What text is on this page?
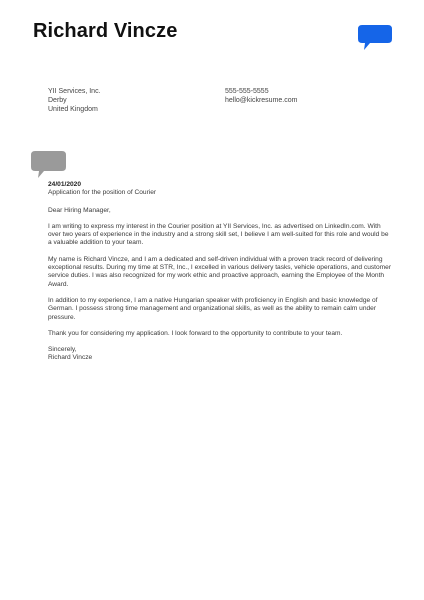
Richard Vincze
YII Services, Inc.
Derby
United Kingdom
555-555-5555
hello@kickresume.com
24/01/2020
Application for the position of Courier
Dear Hiring Manager,

I am writing to express my interest in the Courier position at YII Services, Inc. as advertised on LinkedIn.com. With over two years of experience in the industry and a strong skill set, I believe I am well-suited for this role and would be a valuable addition to your team.

My name is Richard Vincze, and I am a dedicated and self-driven individual with a proven track record of delivering exceptional results. During my time at STR, Inc., I excelled in various delivery tasks, vehicle operations, and customer service duties. I was also recognized for my work ethic and proactive approach, earning the Employee of the Month Award.

In addition to my experience, I am a native Hungarian speaker with proficiency in English and basic knowledge of German. I possess strong time management and organizational skills, as well as the ability to remain calm under pressure.

Thank you for considering my application. I look forward to the opportunity to contribute to your team.

Sincerely,
Richard Vincze
